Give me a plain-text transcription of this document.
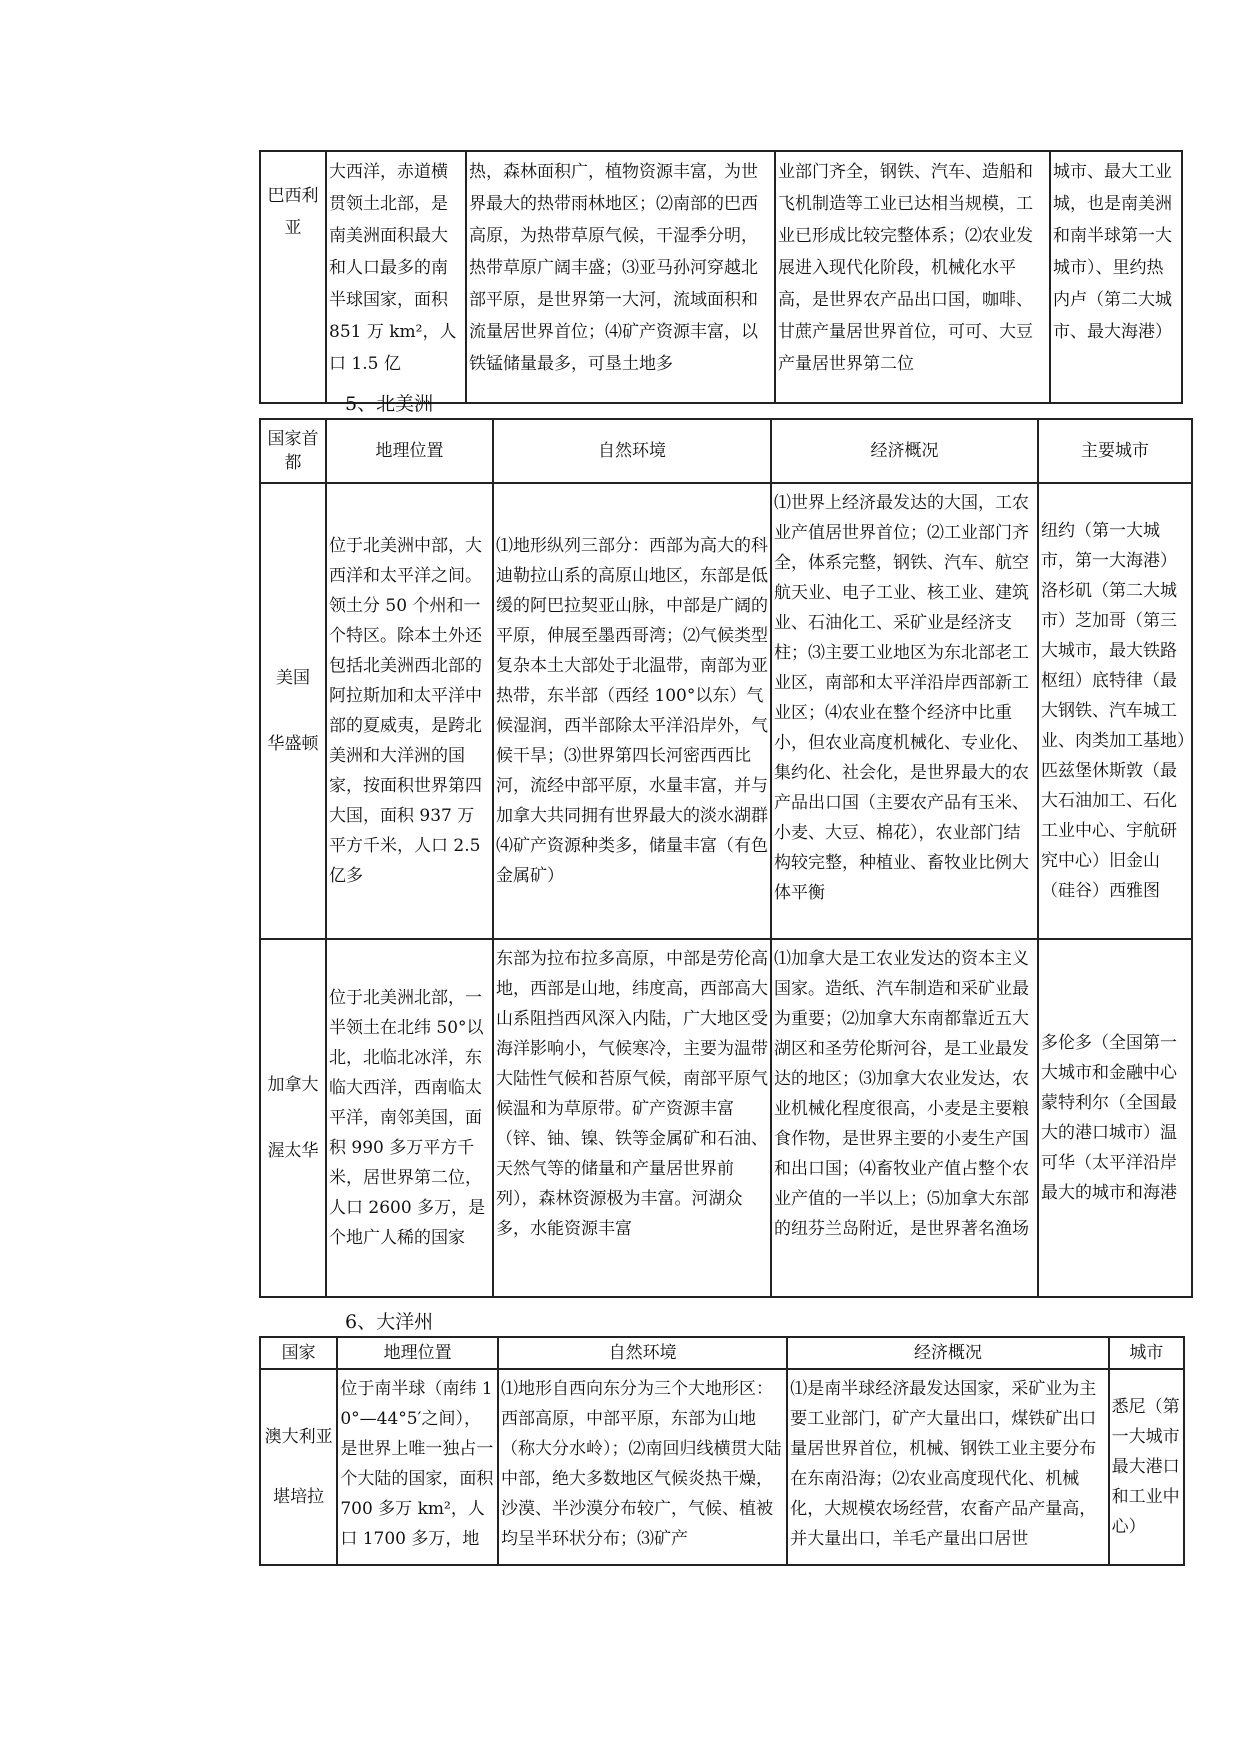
巴西利亚	大西洋，赤道横贯领土北部，是南美洲面积最大和人口最多的南半球国家，面积 851 万 km²，人口 1.5 亿	热，森林面积广，植物资源丰富，为世界最大的热带雨林地区；⑵南部的巴西高原，为热带草原气候，干湿季分明，热带草原广阔丰盛；⑶亚马孙河穿越北部平原，是世界第一大河，流域面积和流量居世界首位；⑷矿产资源丰富，以铁锰储量最多，可垦土地多	业部门齐全，钢铁、汽车、造船和飞机制造等工业已达相当规模，工业已形成比较完整体系；⑵农业发展进入现代化阶段，机械化水平高，是世界农产品出口国，咖啡、甘蔗产量居世界首位，可可、大豆产量居世界第二位	城市、最大工业城，也是南美洲和南半球第一大城市）、里约热内卢（第二大城市、最大海港）
5、北美洲
国家首都	地理位置	自然环境	经济概况	主要城市

美国
华盛顿	位于北美洲中部，大西洋和太平洋之间。领土分 50 个州和一个特区。除本土外还包括北美洲西北部的阿拉斯加和太平洋中部的夏威夷，是跨北美洲和大洋洲的国家，按面积世界第四大国，面积 937 万平方千米，人口 2.5 亿多	⑴地形纵列三部分：西部为高大的科迪勒拉山系的高原山地区，东部是低缓的阿巴拉契亚山脉，中部是广阔的平原，伸展至墨西哥湾；⑵气候类型复杂本土大部处于北温带，南部为亚热带，东半部（西经 100°以东）气候湿润，西半部除太平洋沿岸外，气候干旱；⑶世界第四长河密西西比河，流经中部平原，水量丰富，并与加拿大共同拥有世界最大的淡水湖群⑷矿产资源种类多，储量丰富（有色金属矿）	⑴世界上经济最发达的大国，工农业产值居世界首位；⑵工业部门齐全，体系完整，钢铁、汽车、航空航天业、电子工业、核工业、建筑业、石油化工、采矿业是经济支柱；⑶主要工业地区为东北部老工业区，南部和太平洋沿岸西部新工业区；⑷农业在整个经济中比重小，但农业高度机械化、专业化、集约化、社会化，是世界最大的农产品出口国（主要农产品有玉米、小麦、大豆、棉花），农业部门结构较完整，种植业、畜牧业比例大体平衡	纽约（第一大城市，第一大海港）洛杉矶（第二大城市）芝加哥（第三大城市，最大铁路枢纽）底特律（最大钢铁、汽车城工业、肉类加工基地）匹兹堡休斯敦（最大石油加工、石化工业中心、宇航研究中心）旧金山（硅谷）西雅图

加拿大
渥太华	位于北美洲北部，一半领土在北纬 50°以北，北临北冰洋，东临大西洋，西南临太平洋，南邻美国，面积 990 多万平方千米，居世界第二位，人口 2600 多万，是个地广人稀的国家	东部为拉布拉多高原，中部是劳伦高地，西部是山地，纬度高，西部高大山系阻挡西风深入内陆，广大地区受海洋影响小，气候寒冷，主要为温带大陆性气候和苔原气候，南部平原气候温和为草原带。矿产资源丰富（锌、铀、镍、铁等金属矿和石油、天然气等的储量和产量居世界前列），森林资源极为丰富。河湖众多，水能资源丰富	⑴加拿大是工农业发达的资本主义国家。造纸、汽车制造和采矿业最为重要；⑵加拿大东南都靠近五大湖区和圣劳伦斯河谷，是工业最发达的地区；⑶加拿大农业发达，农业机械化程度很高，小麦是主要粮食作物，是世界主要的小麦生产国和出口国；⑷畜牧业产值占整个农业产值的一半以上；⑸加拿大东部的纽芬兰岛附近，是世界著名渔场	多伦多（全国第一大城市和金融中心蒙特利尔（全国最大的港口城市）温可华（太平洋沿岸最大的城市和海港
6、大洋州
国家	地理位置	自然环境	经济概况	城市

澳大利亚
堪培拉	位于南半球（南纬 10°—44°5′之间），是世界上唯一独占一个大陆的国家，面积 700 多万 km²，人口 1700 多万，地	⑴地形自西向东分为三个大地形区：西部高原，中部平原，东部为山地（称大分水岭）；⑵南回归线横贯大陆中部，绝大多数地区气候炎热干燥，沙漠、半沙漠分布较广，气候、植被均呈半环状分布；⑶矿产	⑴是南半球经济最发达国家，采矿业为主要工业部门，矿产大量出口，煤铁矿出口量居世界首位，机械、钢铁工业主要分布在东南沿海；⑵农业高度现代化、机械化，大规模农场经营，农畜产品产量高，并大量出口，羊毛产量出口居世	悉尼（第一大城市最大港口和工业中心）
